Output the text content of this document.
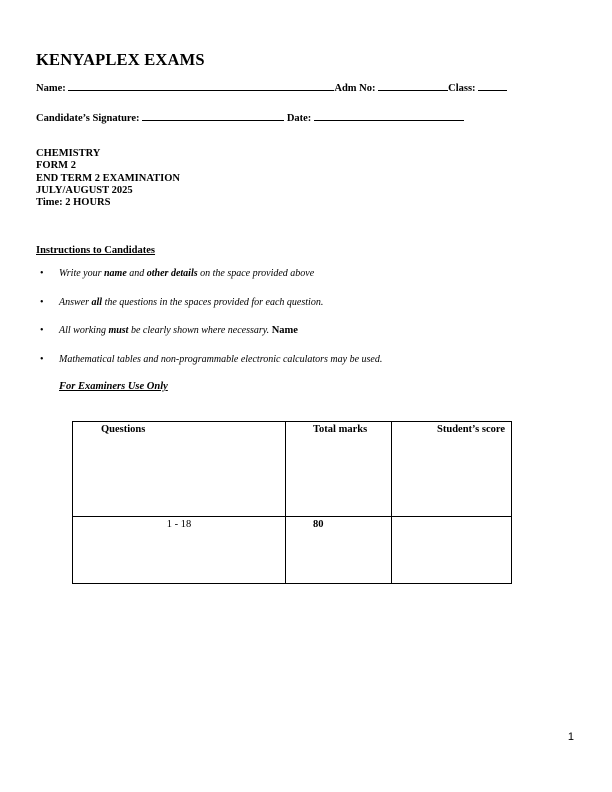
KENYAPLEX EXAMS
Name:	Adm No:	Class:
Candidate’s Signature:	Date:
CHEMISTRY
FORM 2
END TERM 2 EXAMINATION
JULY/AUGUST 2025
Time: 2 HOURS
Instructions to Candidates
• Write your name and other details on the space provided above
• Answer all the questions in the spaces provided for each question.
• All working must be clearly shown where necessary. Name
• Mathematical tables and non-programmable electronic calculators may be used.
For Examiners Use Only
Questions	Total marks	Student’s score
1 - 18	80	
1
